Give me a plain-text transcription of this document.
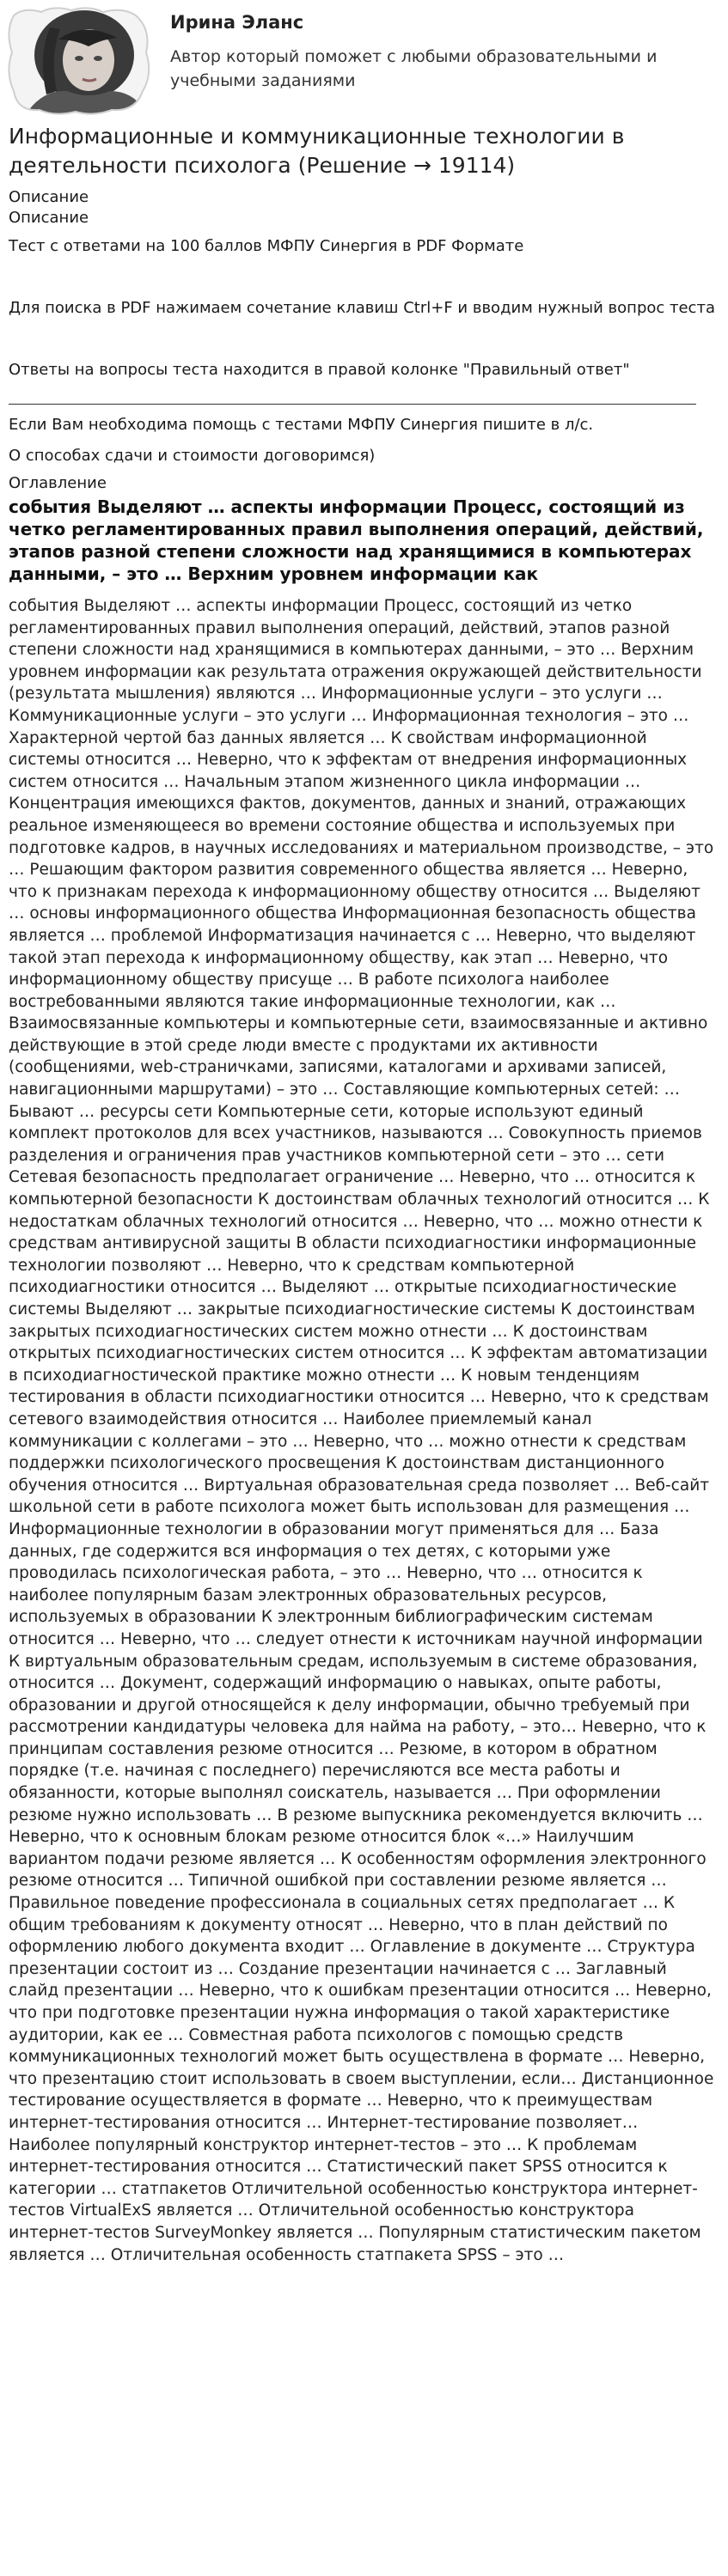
Ирина Эланс
Автор который поможет с любыми образовательными и учебными заданиями
Информационные и коммуникационные технологии в деятельности психолога (Решение → 19114)

Описание

Описание

Тест с ответами на 100 баллов МФПУ Синергия в PDF Формате

Для поиска в PDF нажимаем сочетание клавиш Ctrl+F и вводим нужный вопрос теста

Ответы на вопросы теста находится в правой колонке "Правильный ответ"

Если Вам необходима помощь с тестами МФПУ Синергия пишите в л/с.

О способах сдачи и стоимости договоримся)

Оглавление

события Выделяют … аспекты информации Процесс, состоящий из четко регламентированных правил выполнения операций, действий, этапов разной степени сложности над хранящимися в компьютерах данными, – это … Верхним уровнем информации как

события Выделяют … аспекты информации Процесс, состоящий из четко регламентированных правил выполнения операций, действий, этапов разной степени сложности над хранящимися в компьютерах данными, – это … Верхним уровнем информации как результата отражения окружающей действительности (результата мышления) являются … Информационные услуги – это услуги … Коммуникационные услуги – это услуги … Информационная технология – это … Характерной чертой баз данных является … К свойствам информационной системы относится … Неверно, что к эффектам от внедрения информационных систем относится … Начальным этапом жизненного цикла информации … Концентрация имеющихся фактов, документов, данных и знаний, отражающих реальное изменяющееся во времени состояние общества и используемых при подготовке кадров, в научных исследованиях и материальном производстве, – это … Решающим фактором развития современного общества является … Неверно, что к признакам перехода к информационному обществу относится … Выделяют … основы информационного общества Информационная безопасность общества является … проблемой Информатизация начинается с … Неверно, что выделяют такой этап перехода к информационному обществу, как этап … Неверно, что информационному обществу присуще … В работе психолога наиболее востребованными являются такие информационные технологии, как … Взаимосвязанные компьютеры и компьютерные сети, взаимосвязанные и активно действующие в этой среде люди вместе с продуктами их активности (сообщениями, web-страничками, записями, каталогами и архивами записей, навигационными маршрутами) – это … Составляющие компьютерных сетей: … Бывают … ресурсы сети Компьютерные сети, которые используют единый комплект протоколов для всех участников, называются … Совокупность приемов разделения и ограничения прав участников компьютерной сети – это … сети Сетевая безопасность предполагает ограничение … Неверно, что … относится к компьютерной безопасности К достоинствам облачных технологий относится … К недостаткам облачных технологий относится … Неверно, что … можно отнести к средствам антивирусной защиты В области психодиагностики информационные технологии позволяют … Неверно, что к средствам компьютерной психодиагностики относится … Выделяют … открытые психодиагностические системы Выделяют … закрытые психодиагностические системы К достоинствам закрытых психодиагностических систем можно отнести … К достоинствам открытых психодиагностических систем относится … К эффектам автоматизации в психодиагностической практике можно отнести … К новым тенденциям тестирования в области психодиагностики относится … Неверно, что к средствам сетевого взаимодействия относится … Наиболее приемлемый канал коммуникации с коллегами – это … Неверно, что … можно отнести к средствам поддержки психологического просвещения К достоинствам дистанционного обучения относится … Виртуальная образовательная среда позволяет … Веб-сайт школьной сети в работе психолога может быть использован для размещения … Информационные технологии в образовании могут применяться для … База данных, где содержится вся информация о тех детях, с которыми уже проводилась психологическая работа, – это … Неверно, что … относится к наиболее популярным базам электронных образовательных ресурсов, используемых в образовании К электронным библиографическим системам относится … Неверно, что … следует отнести к источникам научной информации К виртуальным образовательным средам, используемым в системе образования, относится … Документ, содержащий информацию о навыках, опыте работы, образовании и другой относящейся к делу информации, обычно требуемый при рассмотрении кандидатуры человека для найма на работу, – это… Неверно, что к принципам составления резюме относится … Резюме, в котором в обратном порядке (т.е. начиная с последнего) перечисляются все места работы и обязанности, которые выполнял соискатель, называется … При оформлении резюме нужно использовать … В резюме выпускника рекомендуется включить … Неверно, что к основным блокам резюме относится блок «…» Наилучшим вариантом подачи резюме является … К особенностям оформления электронного резюме относится … Типичной ошибкой при составлении резюме является … Правильное поведение профессионала в социальных сетях предполагает … К общим требованиям к документу относят … Неверно, что в план действий по оформлению любого документа входит … Оглавление в документе … Структура презентации состоит из … Создание презентации начинается с … Заглавный слайд презентации … Неверно, что к ошибкам презентации относится … Неверно, что при подготовке презентации нужна информация о такой характеристике аудитории, как ее … Совместная работа психологов с помощью средств коммуникационных технологий может быть осуществлена в формате … Неверно, что презентацию стоит использовать в своем выступлении, если… Дистанционное тестирование осуществляется в формате … Неверно, что к преимуществам интернет-тестирования относится … Интернет-тестирование позволяет… Наиболее популярный конструктор интернет-тестов – это … К проблемам интернет-тестирования относится … Статистический пакет SPSS относится к категории … статпакетов Отличительной особенностью конструктора интернет-тестов VirtualExS является … Отличительной особенностью конструктора интернет-тестов SurveyMonkey является … Популярным статистическим пакетом является … Отличительная особенность статпакета SPSS – это …
